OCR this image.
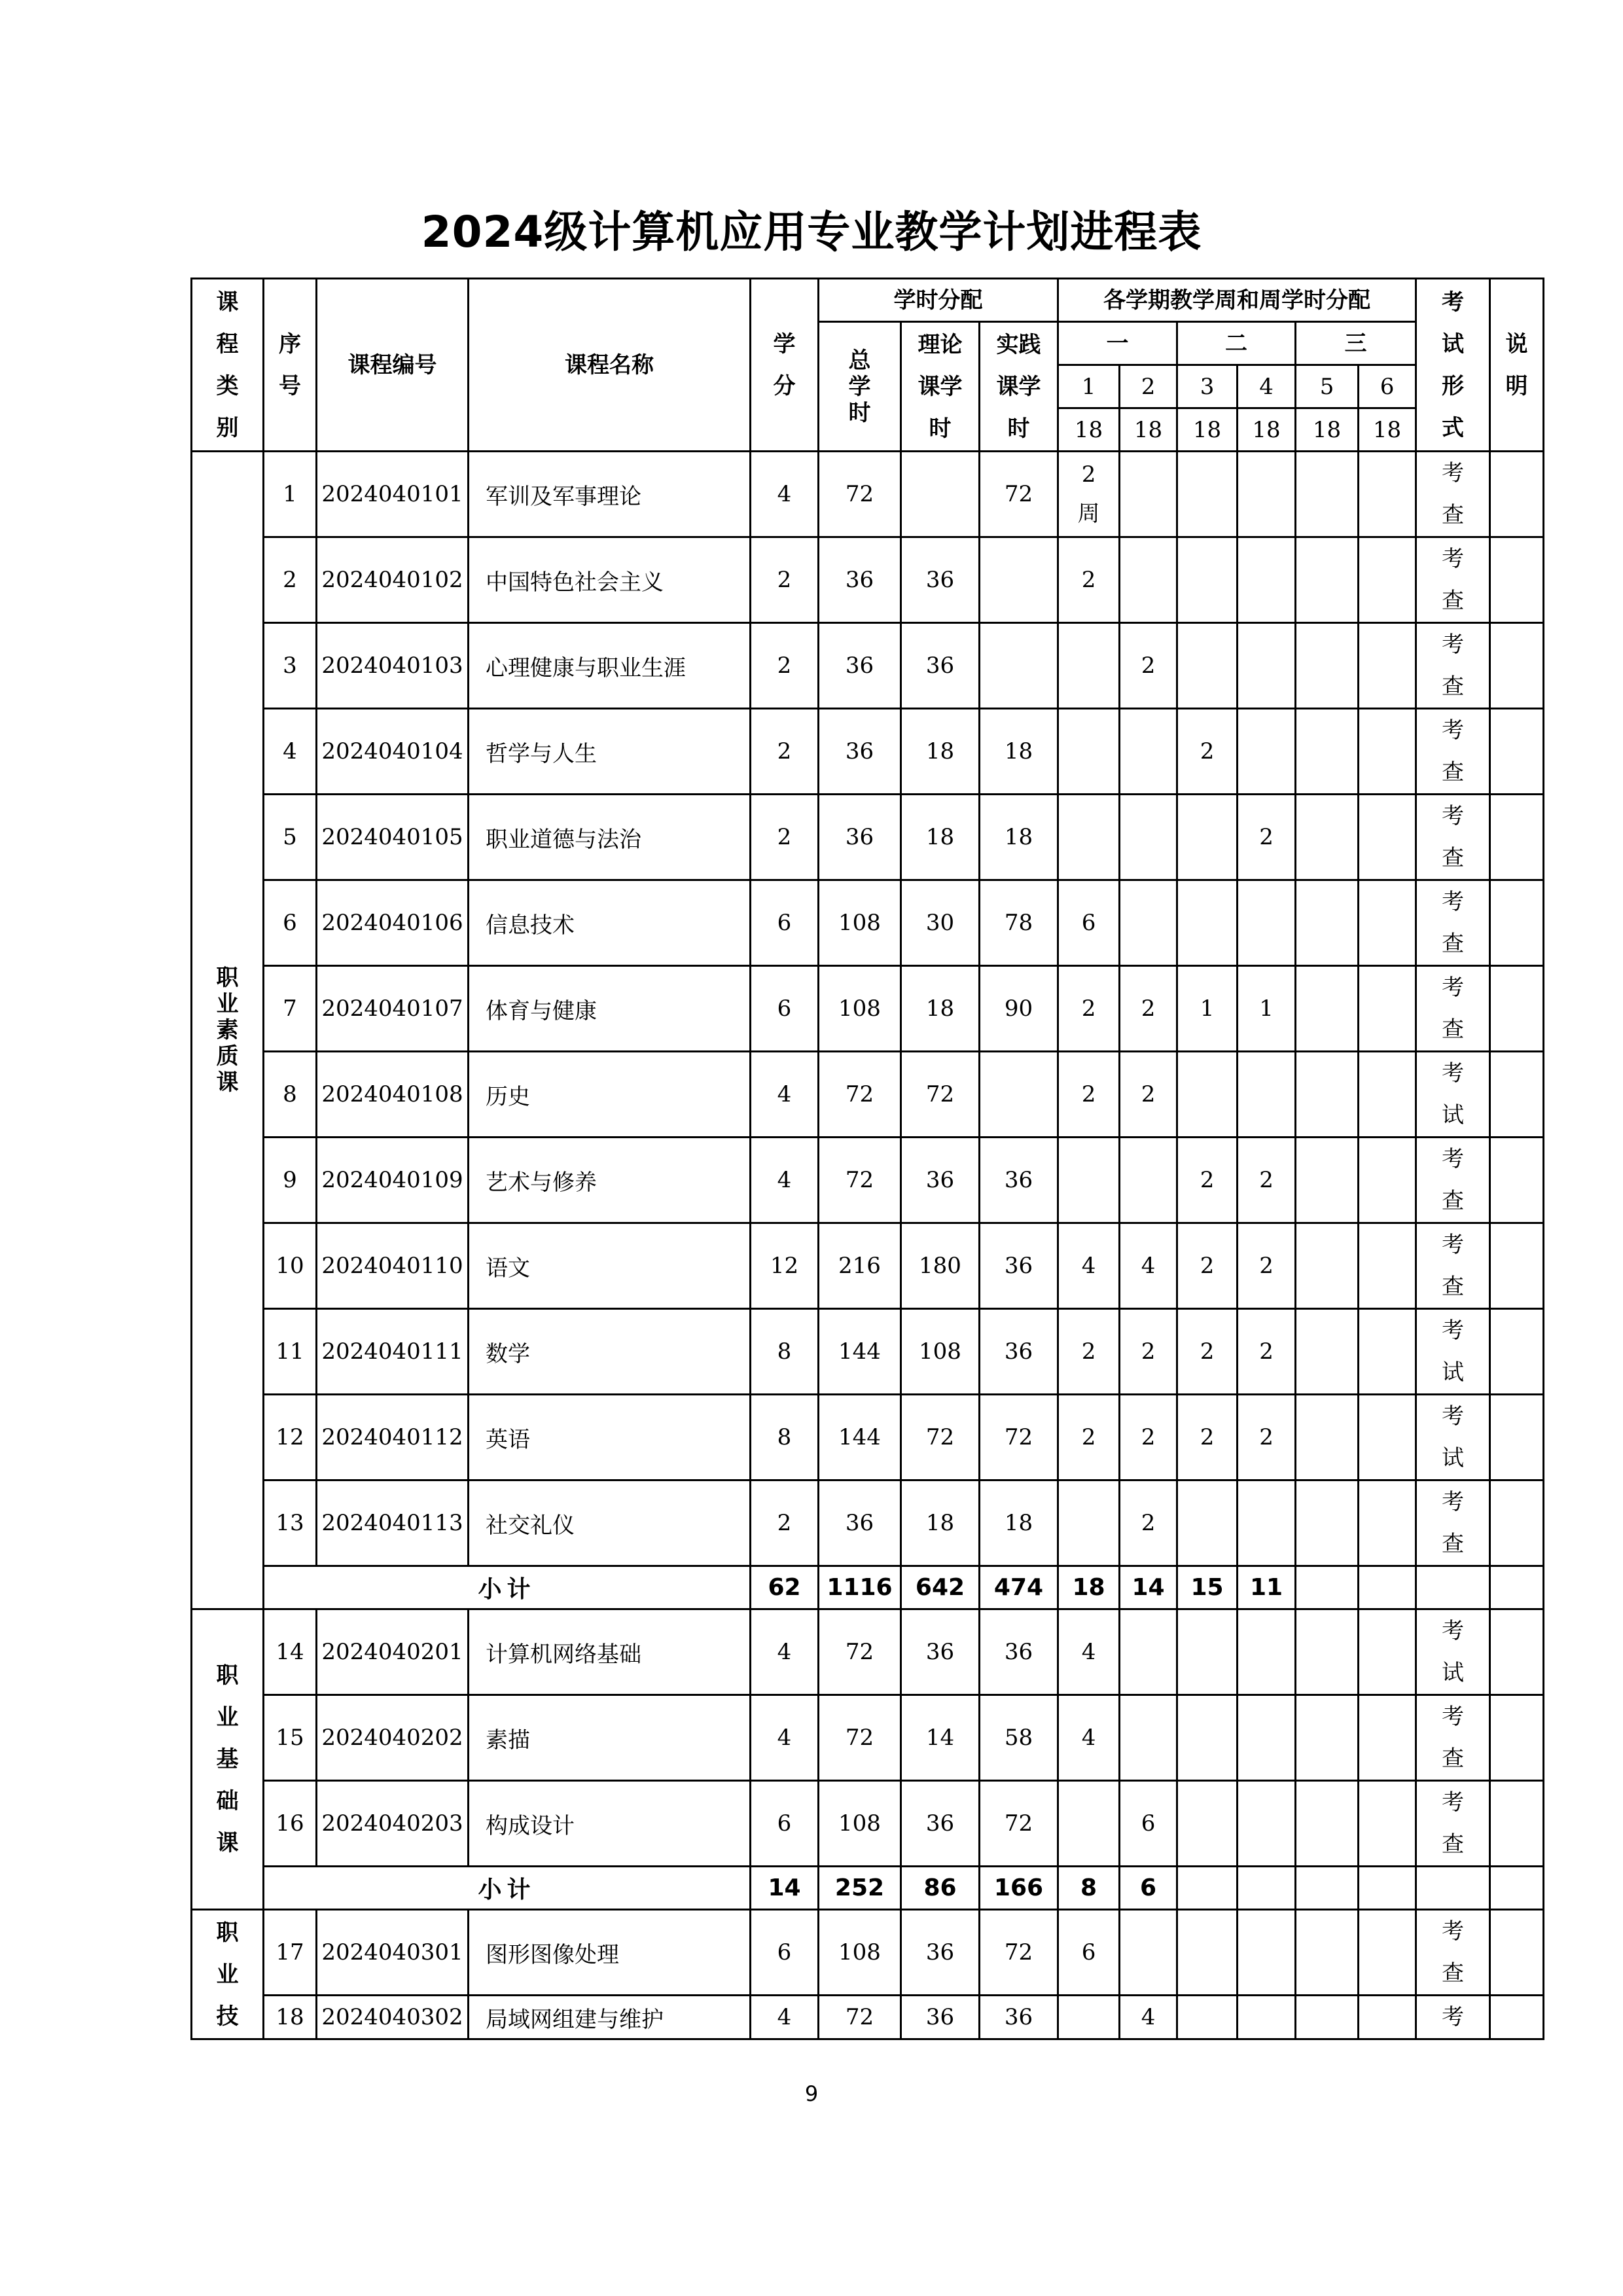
2024级计算机应用专业教学计划进程表
课程类别	序号	课程编号	课程名称	学分	学时分配			各学期教学周和周学时分配						考试形式	说明

					总学时	理论课学时	实践课学时	一		二		三			
								1	2	3	4	5	6		
								18	18	18	18	18	18		

职业素质课	1	2024040101	军训及军事理论	4	72		72	2周						考查	

	2	2024040102	中国特色社会主义	2	36	36		2						考查	

	3	2024040103	心理健康与职业生涯	2	36	36			2					考查	

	4	2024040104	哲学与人生	2	36	18	18			2				考查	

	5	2024040105	职业道德与法治	2	36	18	18				2			考查	

	6	2024040106	信息技术	6	108	30	78	6						考查	

	7	2024040107	体育与健康	6	108	18	90	2	2	1	1			考查	

	8	2024040108	历史	4	72	72		2	2					考试	

	9	2024040109	艺术与修养	4	72	36	36			2	2			考查	

	10	2024040110	语文	12	216	180	36	4	4	2	2			考查	

	11	2024040111	数学	8	144	108	36	2	2	2	2			考试	

	12	2024040112	英语	8	144	72	72	2	2	2	2			考试	

	13	2024040113	社交礼仪	2	36	18	18		2					考查	

	小计			62	1116	642	474	18	14	15	11				

职业基础课	14	2024040201	计算机网络基础	4	72	36	36	4						考试	

	15	2024040202	素描	4	72	14	58	4						考查	

	16	2024040203	构成设计	6	108	36	72		6					考查	

	小计			14	252	86	166	8	6						

职业技	17	2024040301	图形图像处理	6	108	36	72	6						考查	

	18	2024040302	局域网组建与维护	4	72	36	36		4					考	

9
